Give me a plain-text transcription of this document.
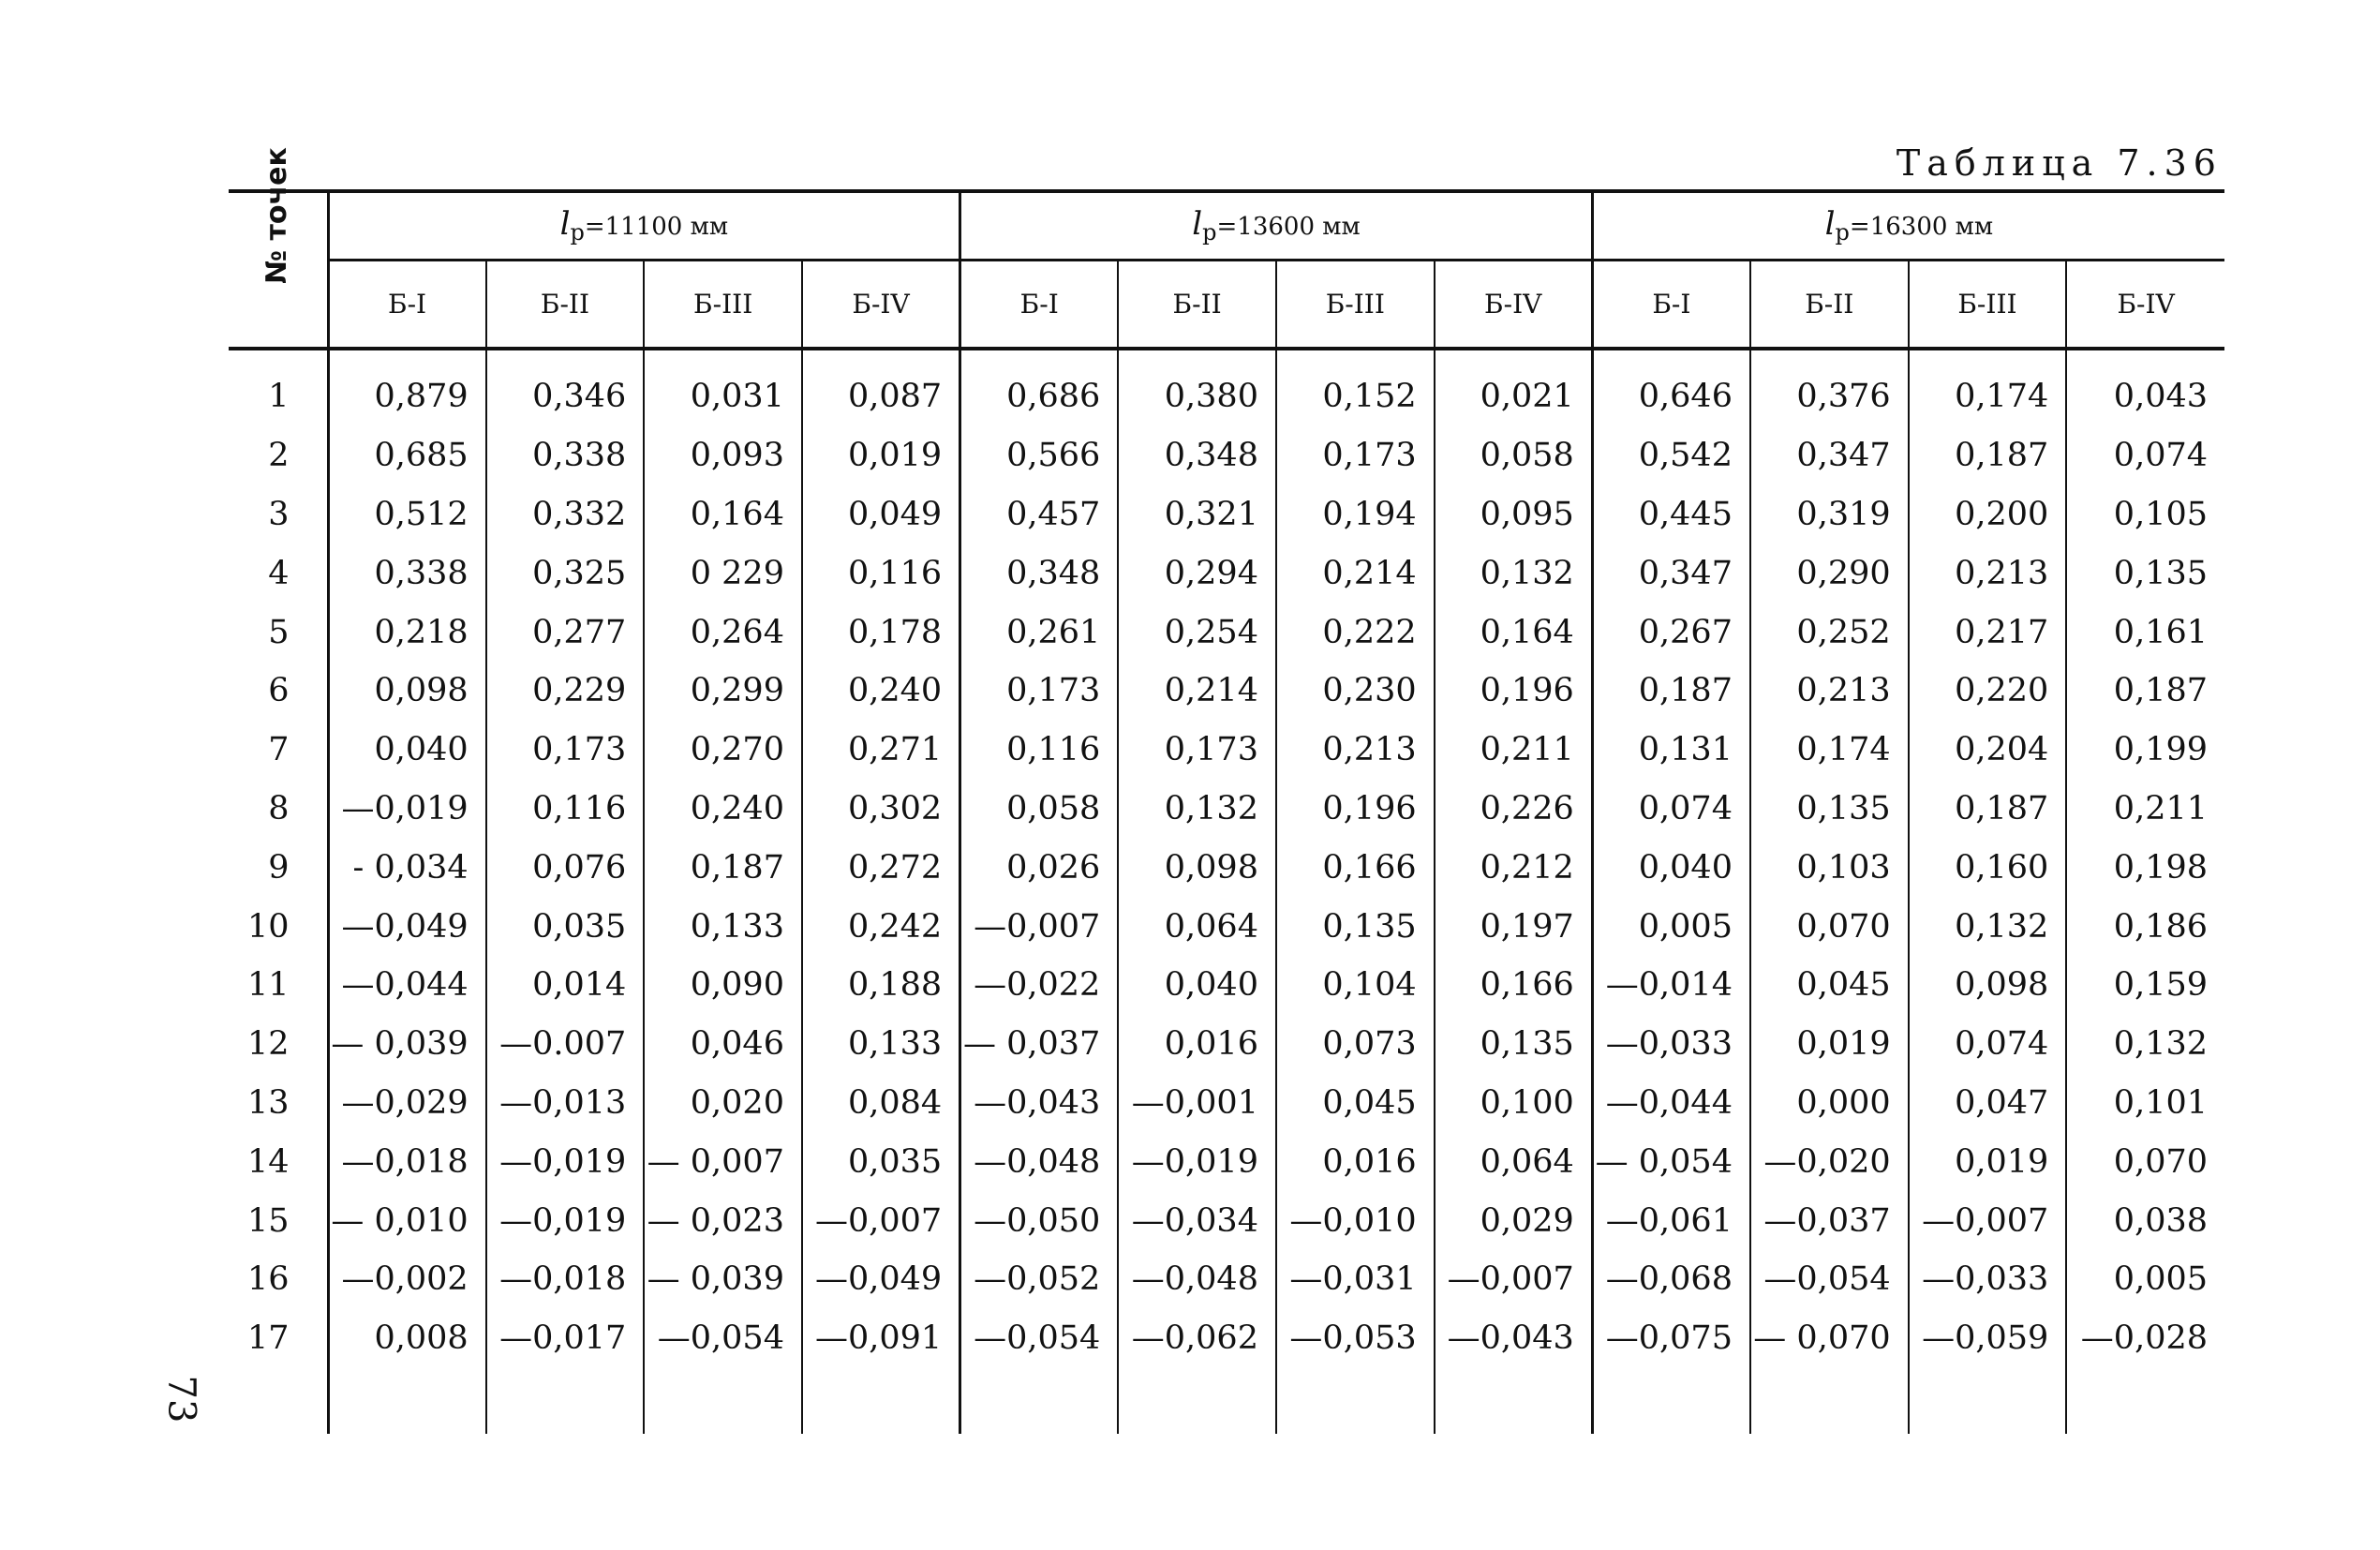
73
Таблица 7.36
№ точек	$l_р=11100$ мм				$l_р=13600$ мм				$l_р=16300$ мм			
	Б-I	Б-II	Б-III	Б-IV	Б-I	Б-II	Б-III	Б-IV	Б-I	Б-II	Б-III	Б-IV
1	0,879	0,346	0,031	0,087	0,686	0,380	0,152	0,021	0,646	0,376	0,174	0,043
2	0,685	0,338	0,093	0,019	0,566	0,348	0,173	0,058	0,542	0,347	0,187	0,074
3	0,512	0,332	0,164	0,049	0,457	0,321	0,194	0,095	0,445	0,319	0,200	0,105
4	0,338	0,325	0 229	0,116	0,348	0,294	0,214	0,132	0,347	0,290	0,213	0,135
5	0,218	0,277	0,264	0,178	0,261	0,254	0,222	0,164	0,267	0,252	0,217	0,161
6	0,098	0,229	0,299	0,240	0,173	0,214	0,230	0,196	0,187	0,213	0,220	0,187
7	0,040	0,173	0,270	0,271	0,116	0,173	0,213	0,211	0,131	0,174	0,204	0,199
8	—0,019	0,116	0,240	0,302	0,058	0,132	0,196	0,226	0,074	0,135	0,187	0,211
9	- 0,034	0,076	0,187	0,272	0,026	0,098	0,166	0,212	0,040	0,103	0,160	0,198
10	—0,049	0,035	0,133	0,242	—0,007	0,064	0,135	0,197	0,005	0,070	0,132	0,186
11	—0,044	0,014	0,090	0,188	—0,022	0,040	0,104	0,166	—0,014	0,045	0,098	0,159
12	— 0,039	—0.007	0,046	0,133	— 0,037	0,016	0,073	0,135	—0,033	0,019	0,074	0,132
13	—0,029	—0,013	0,020	0,084	—0,043	—0,001	0,045	0,100	—0,044	0,000	0,047	0,101
14	—0,018	—0,019	— 0,007	0,035	—0,048	—0,019	0,016	0,064	— 0,054	—0,020	0,019	0,070
15	— 0,010	—0,019	— 0,023	—0,007	—0,050	—0,034	—0,010	0,029	—0,061	—0,037	—0,007	0,038
16	—0,002	—0,018	— 0,039	—0,049	—0,052	—0,048	—0,031	—0,007	—0,068	—0,054	—0,033	0,005
17	0,008	—0,017	—0,054	—0,091	—0,054	—0,062	—0,053	—0,043	—0,075	— 0,070	—0,059	—0,028
